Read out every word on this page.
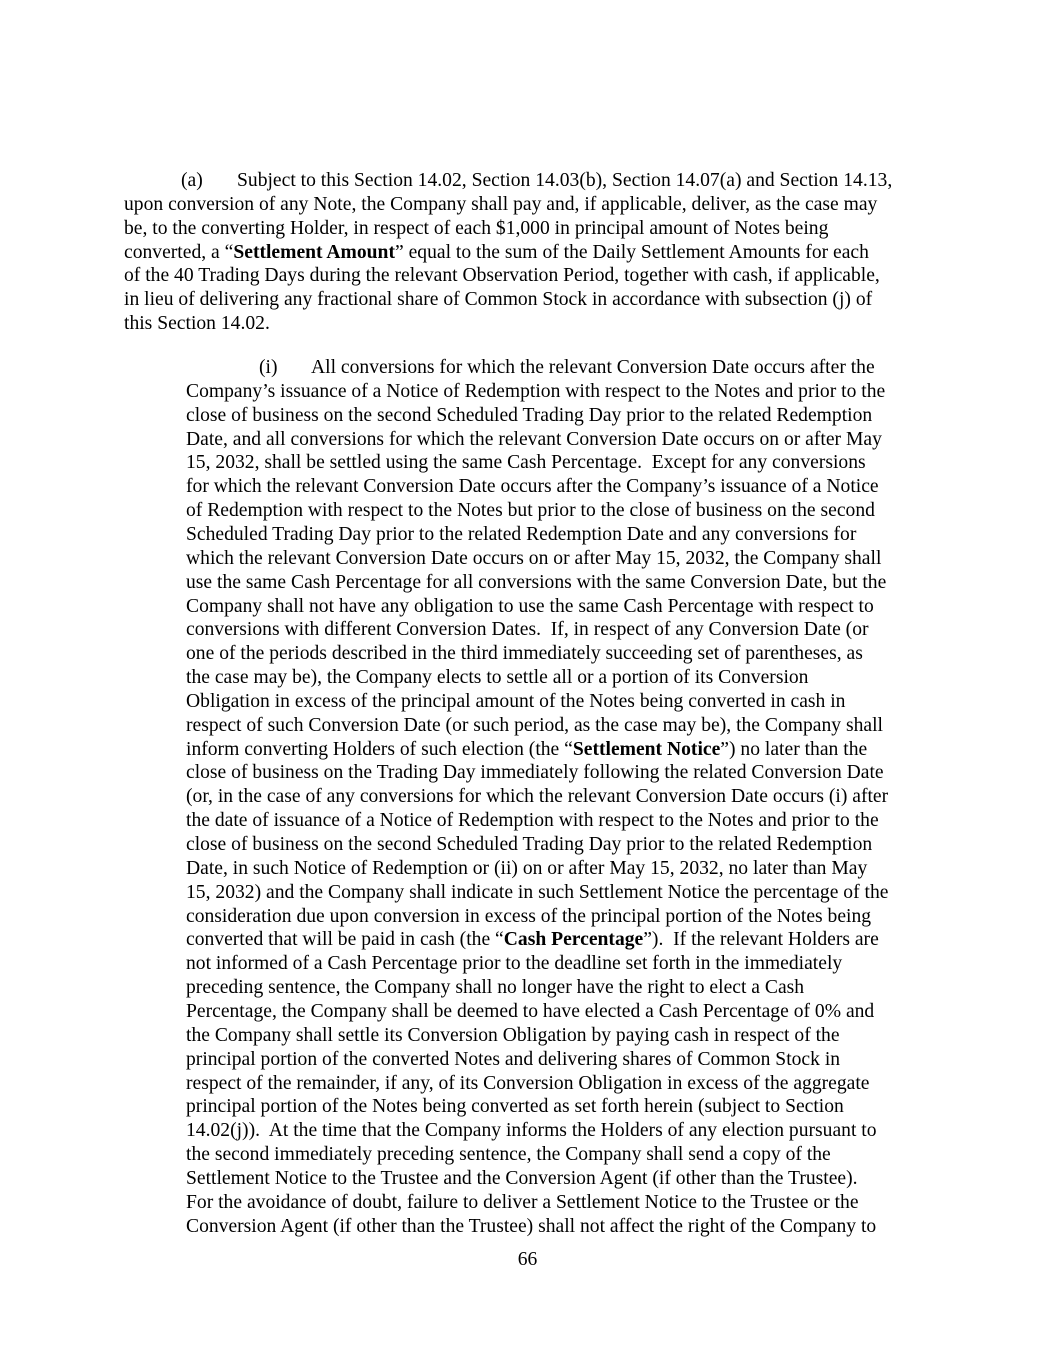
(a) Subject to this Section 14.02, Section 14.03(b), Section 14.07(a) and Section 14.13,
upon conversion of any Note, the Company shall pay and, if applicable, deliver, as the case may
be, to the converting Holder, in respect of each $1,000 in principal amount of Notes being
converted, a “Settlement Amount” equal to the sum of the Daily Settlement Amounts for each
of the 40 Trading Days during the relevant Observation Period, together with cash, if applicable,
in lieu of delivering any fractional share of Common Stock in accordance with subsection (j) of
this Section 14.02.
(i) All conversions for which the relevant Conversion Date occurs after the
Company’s issuance of a Notice of Redemption with respect to the Notes and prior to the
close of business on the second Scheduled Trading Day prior to the related Redemption
Date, and all conversions for which the relevant Conversion Date occurs on or after May
15, 2032, shall be settled using the same Cash Percentage.  Except for any conversions
for which the relevant Conversion Date occurs after the Company’s issuance of a Notice
of Redemption with respect to the Notes but prior to the close of business on the second
Scheduled Trading Day prior to the related Redemption Date and any conversions for
which the relevant Conversion Date occurs on or after May 15, 2032, the Company shall
use the same Cash Percentage for all conversions with the same Conversion Date, but the
Company shall not have any obligation to use the same Cash Percentage with respect to
conversions with different Conversion Dates.  If, in respect of any Conversion Date (or
one of the periods described in the third immediately succeeding set of parentheses, as
the case may be), the Company elects to settle all or a portion of its Conversion
Obligation in excess of the principal amount of the Notes being converted in cash in
respect of such Conversion Date (or such period, as the case may be), the Company shall
inform converting Holders of such election (the “Settlement Notice”) no later than the
close of business on the Trading Day immediately following the related Conversion Date
(or, in the case of any conversions for which the relevant Conversion Date occurs (i) after
the date of issuance of a Notice of Redemption with respect to the Notes and prior to the
close of business on the second Scheduled Trading Day prior to the related Redemption
Date, in such Notice of Redemption or (ii) on or after May 15, 2032, no later than May
15, 2032) and the Company shall indicate in such Settlement Notice the percentage of the
consideration due upon conversion in excess of the principal portion of the Notes being
converted that will be paid in cash (the “Cash Percentage”).  If the relevant Holders are
not informed of a Cash Percentage prior to the deadline set forth in the immediately
preceding sentence, the Company shall no longer have the right to elect a Cash
Percentage, the Company shall be deemed to have elected a Cash Percentage of 0% and
the Company shall settle its Conversion Obligation by paying cash in respect of the
principal portion of the converted Notes and delivering shares of Common Stock in
respect of the remainder, if any, of its Conversion Obligation in excess of the aggregate
principal portion of the Notes being converted as set forth herein (subject to Section
14.02(j)).  At the time that the Company informs the Holders of any election pursuant to
the second immediately preceding sentence, the Company shall send a copy of the
Settlement Notice to the Trustee and the Conversion Agent (if other than the Trustee).
For the avoidance of doubt, failure to deliver a Settlement Notice to the Trustee or the
Conversion Agent (if other than the Trustee) shall not affect the right of the Company to
66
